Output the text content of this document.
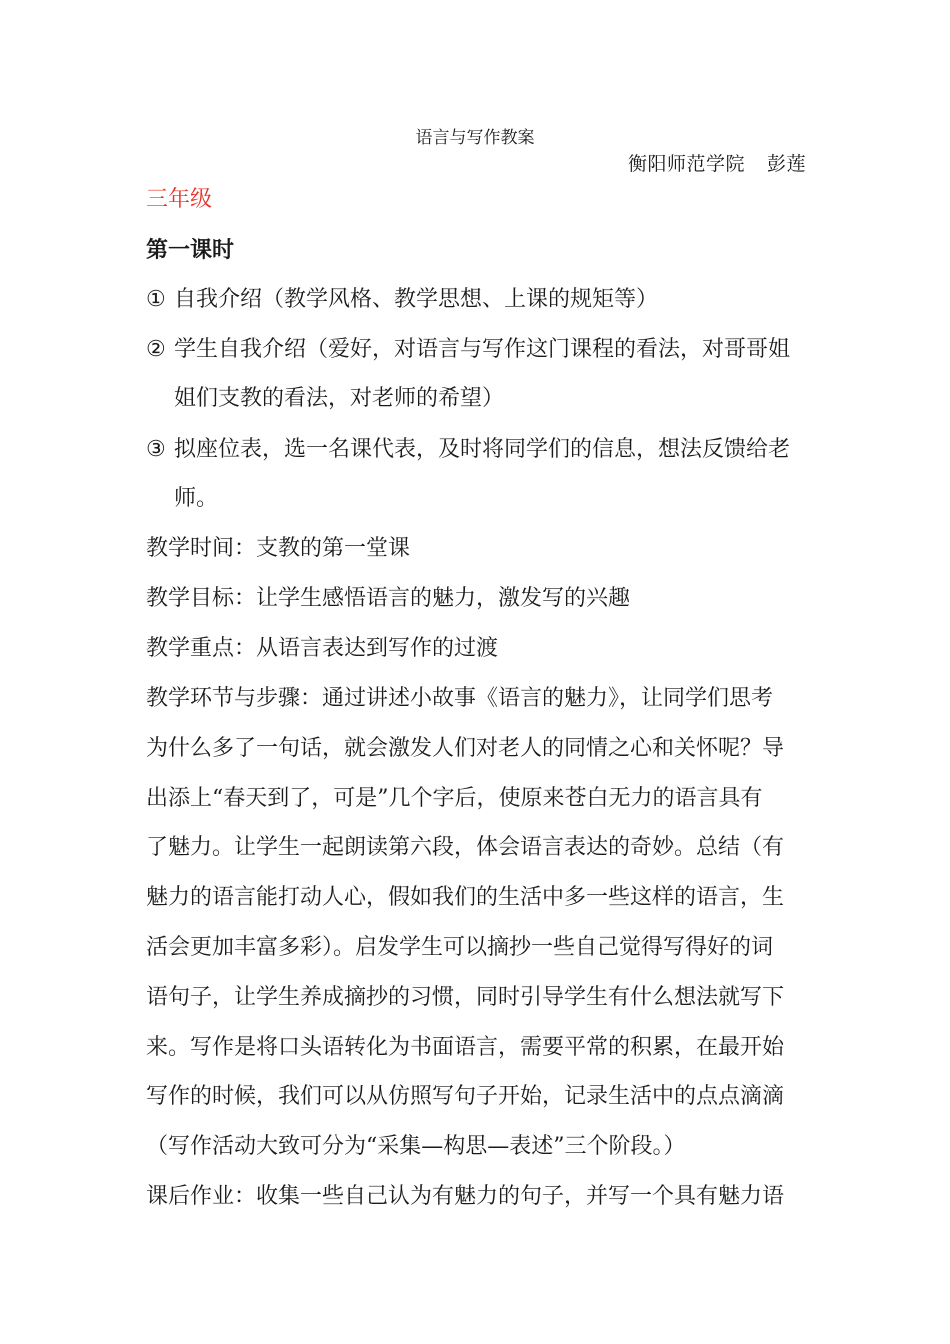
语言与写作教案
衡阳师范学院 彭莲
三年级
第一课时
① 自我介绍（教学风格、教学思想、上课的规矩等）
② 学生自我介绍（爱好，对语言与写作这门课程的看法，对哥哥姐
姐们支教的看法，对老师的希望）
③ 拟座位表，选一名课代表，及时将同学们的信息，想法反馈给老
师。
教学时间：支教的第一堂课
教学目标：让学生感悟语言的魅力，激发写的兴趣
教学重点：从语言表达到写作的过渡
教学环节与步骤：通过讲述小故事《语言的魅力》，让同学们思考
为什么多了一句话，就会激发人们对老人的同情之心和关怀呢？导
出添上“春天到了，可是”几个字后，使原来苍白无力的语言具有
了魅力。让学生一起朗读第六段，体会语言表达的奇妙。总结（有
魅力的语言能打动人心，假如我们的生活中多一些这样的语言，生
活会更加丰富多彩）。启发学生可以摘抄一些自己觉得写得好的词
语句子，让学生养成摘抄的习惯，同时引导学生有什么想法就写下
来。写作是将口头语转化为书面语言，需要平常的积累，在最开始
写作的时候，我们可以从仿照写句子开始，记录生活中的点点滴滴
（写作活动大致可分为“采集—构思—表述”三个阶段。）
课后作业：收集一些自己认为有魅力的句子，并写一个具有魅力语
